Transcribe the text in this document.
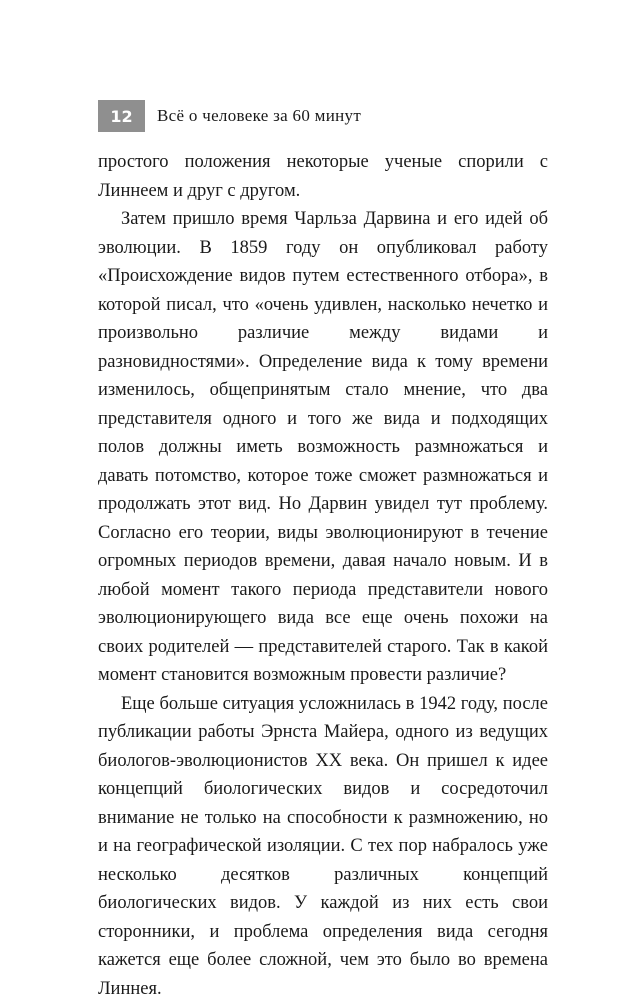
12	Всё о человеке за 60 минут

простого положения некоторые ученые спорили с Линнеем и друг с другом.

Затем пришло время Чарльза Дарвина и его идей об эволюции. В 1859 году он опубликовал работу «Происхождение видов путем естественного отбора», в которой писал, что «очень удивлен, насколько нечетко и произвольно различие между видами и разновидностями». Определение вида к тому времени изменилось, общепринятым стало мнение, что два представителя одного и того же вида и подходящих полов должны иметь возможность размножаться и давать потомство, которое тоже сможет размножаться и продолжать этот вид. Но Дарвин увидел тут проблему. Согласно его теории, виды эволюционируют в течение огромных периодов времени, давая начало новым. И в любой момент такого периода представители нового эволюционирующего вида все еще очень похожи на своих родителей — представителей старого. Так в какой момент становится возможным провести различие?

Еще больше ситуация усложнилась в 1942 году, после публикации работы Эрнста Майера, одного из ведущих биологов-эволюционистов XX века. Он пришел к идее концепций биологических видов и сосредоточил внимание не только на способности к размножению, но и на географической изоляции. С тех пор набралось уже несколько десятков различных концепций биологических видов. У каждой из них есть свои сторонники, и проблема определения вида сегодня кажется еще более сложной, чем это было во времена Линнея.
